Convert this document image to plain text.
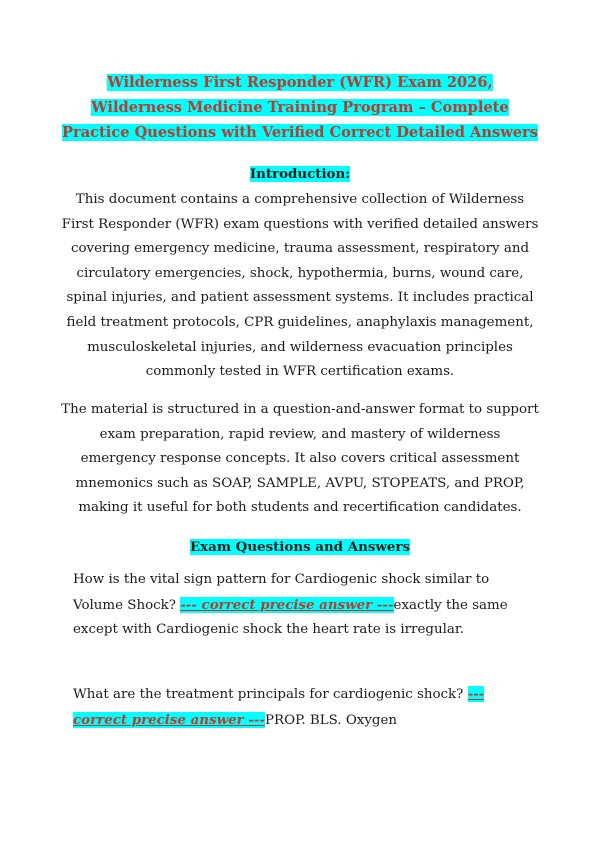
Wilderness First Responder (WFR) Exam 2026, Wilderness Medicine Training Program – Complete Practice Questions with Verified Correct Detailed Answers
Introduction:

This document contains a comprehensive collection of Wilderness First Responder (WFR) exam questions with verified detailed answers covering emergency medicine, trauma assessment, respiratory and circulatory emergencies, shock, hypothermia, burns, wound care, spinal injuries, and patient assessment systems. It includes practical field treatment protocols, CPR guidelines, anaphylaxis management, musculoskeletal injuries, and wilderness evacuation principles commonly tested in WFR certification exams.

The material is structured in a question-and-answer format to support exam preparation, rapid review, and mastery of wilderness emergency response concepts. It also covers critical assessment mnemonics such as SOAP, SAMPLE, AVPU, STOPEATS, and PROP, making it useful for both students and recertification candidates.

Exam Questions and Answers

How is the vital sign pattern for Cardiogenic shock similar to Volume Shock? --- correct precise answer ---exactly the same except with Cardiogenic shock the heart rate is irregular.

What are the treatment principals for cardiogenic shock? --- correct precise answer ---PROP. BLS. Oxygen
